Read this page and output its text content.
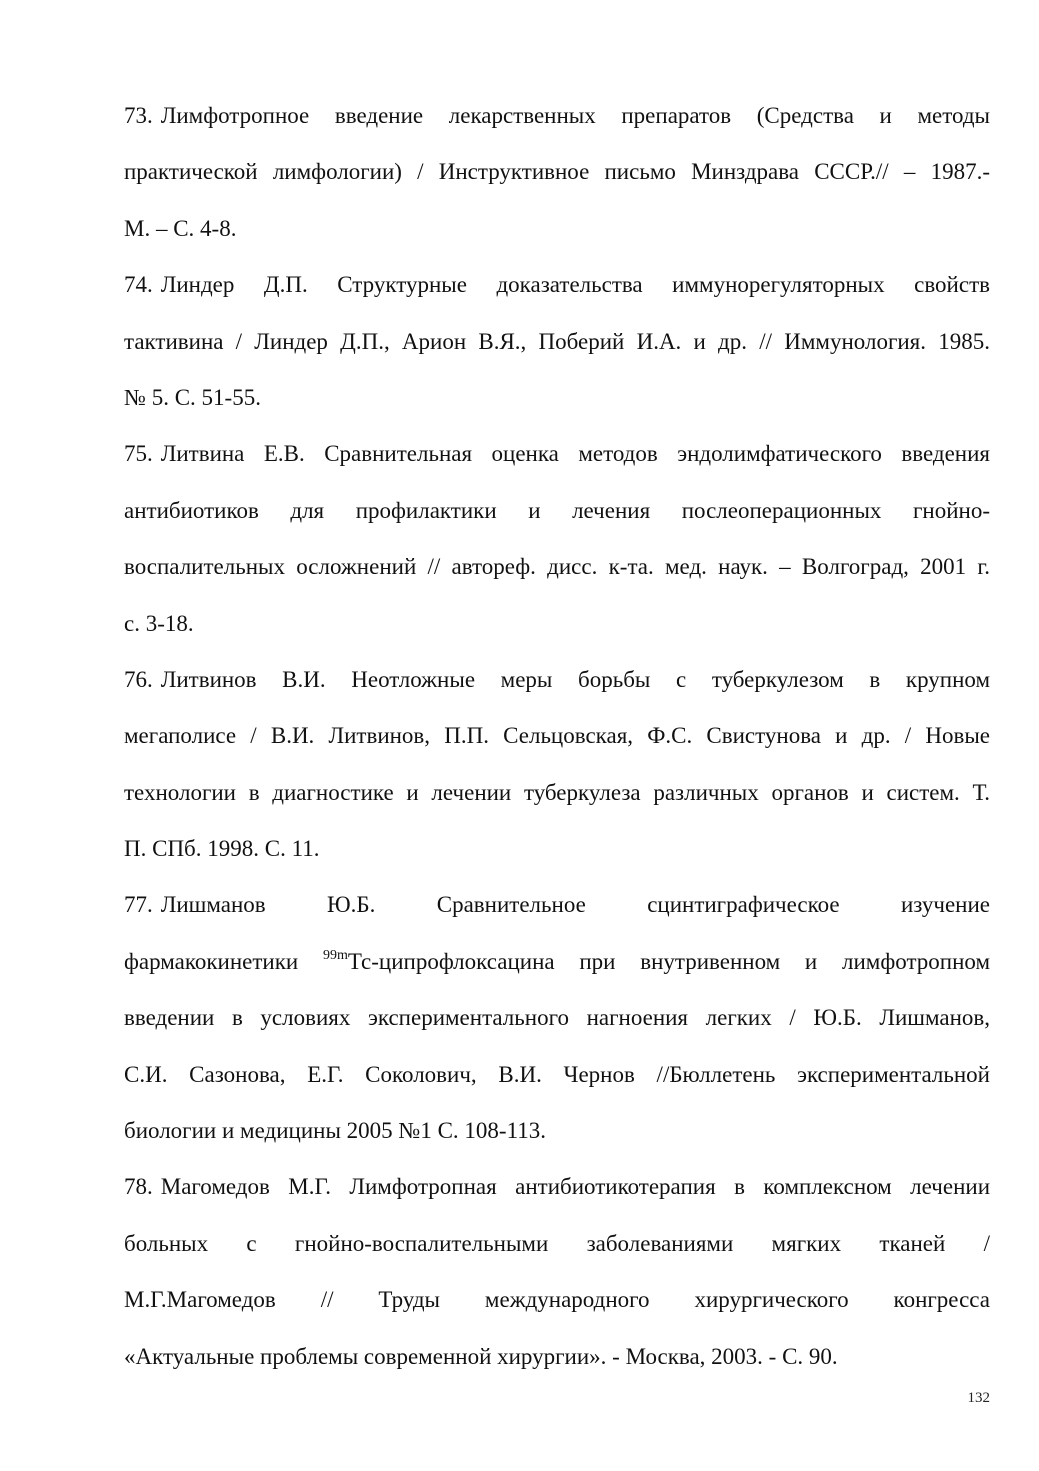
73. Лимфотропное введение лекарственных препаратов (Средства и методы
практической лимфологии) / Инструктивное письмо Минздрава СССР.// – 1987.-
М. – С. 4-8.
74. Линдер Д.П. Структурные доказательства иммунорегуляторных свойств
тактивина / Линдер Д.П., Арион В.Я., Поберий И.А. и др. // Иммунология. 1985.
№ 5. С. 51-55.
75. Литвина Е.В. Сравнительная оценка методов эндолимфатического введения
антибиотиков для профилактики и лечения послеоперационных гнойно-
воспалительных осложнений // автореф. дисс. к-та. мед. наук. – Волгоград, 2001 г.
с. 3-18.
76. Литвинов В.И. Неотложные меры борьбы с туберкулезом в крупном
мегаполисе / В.И. Литвинов, П.П. Сельцовская, Ф.С. Свистунова и др. / Новые
технологии в диагностике и лечении туберкулеза различных органов и систем. Т.
П. СПб. 1998. С. 11.
77. Лишманов Ю.Б. Сравнительное сцинтиграфическое изучение
фармакокинетики $^{99m}$Тс-ципрофлоксацина при внутривенном и лимфотропном
введении в условиях экспериментального нагноения легких / Ю.Б. Лишманов,
С.И. Сазонова, Е.Г. Соколович, В.И. Чернов //Бюллетень экспериментальной
биологии и медицины 2005 №1 С. 108-113.
78. Магомедов М.Г. Лимфотропная антибиотикотерапия в комплексном лечении
больных с гнойно-воспалительными заболеваниями мягких тканей /
М.Г.Магомедов // Труды международного хирургического конгресса
«Актуальные проблемы современной хирургии». - Москва, 2003. - С. 90.
132
